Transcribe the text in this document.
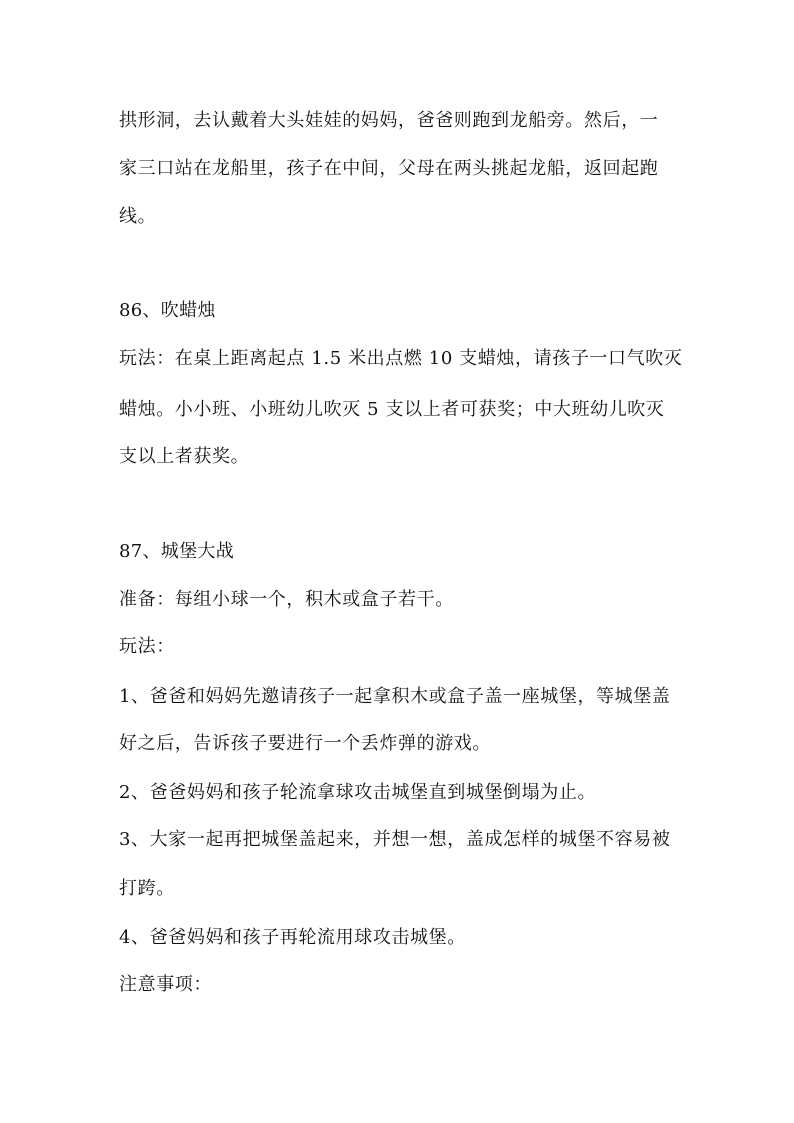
拱形洞，去认戴着大头娃娃的妈妈，爸爸则跑到龙船旁。然后，一
家三口站在龙船里，孩子在中间，父母在两头挑起龙船，返回起跑
线。
86、吹蜡烛
玩法：在桌上距离起点 1.5 米出点燃 10 支蜡烛，请孩子一口气吹灭
蜡烛。小小班、小班幼儿吹灭 5 支以上者可获奖；中大班幼儿吹灭
支以上者获奖。
87、城堡大战
准备：每组小球一个，积木或盒子若干。
玩法：
1、爸爸和妈妈先邀请孩子一起拿积木或盒子盖一座城堡，等城堡盖
好之后，告诉孩子要进行一个丢炸弹的游戏。
2、爸爸妈妈和孩子轮流拿球攻击城堡直到城堡倒塌为止。
3、大家一起再把城堡盖起来，并想一想，盖成怎样的城堡不容易被
打跨。
4、爸爸妈妈和孩子再轮流用球攻击城堡。
注意事项：
